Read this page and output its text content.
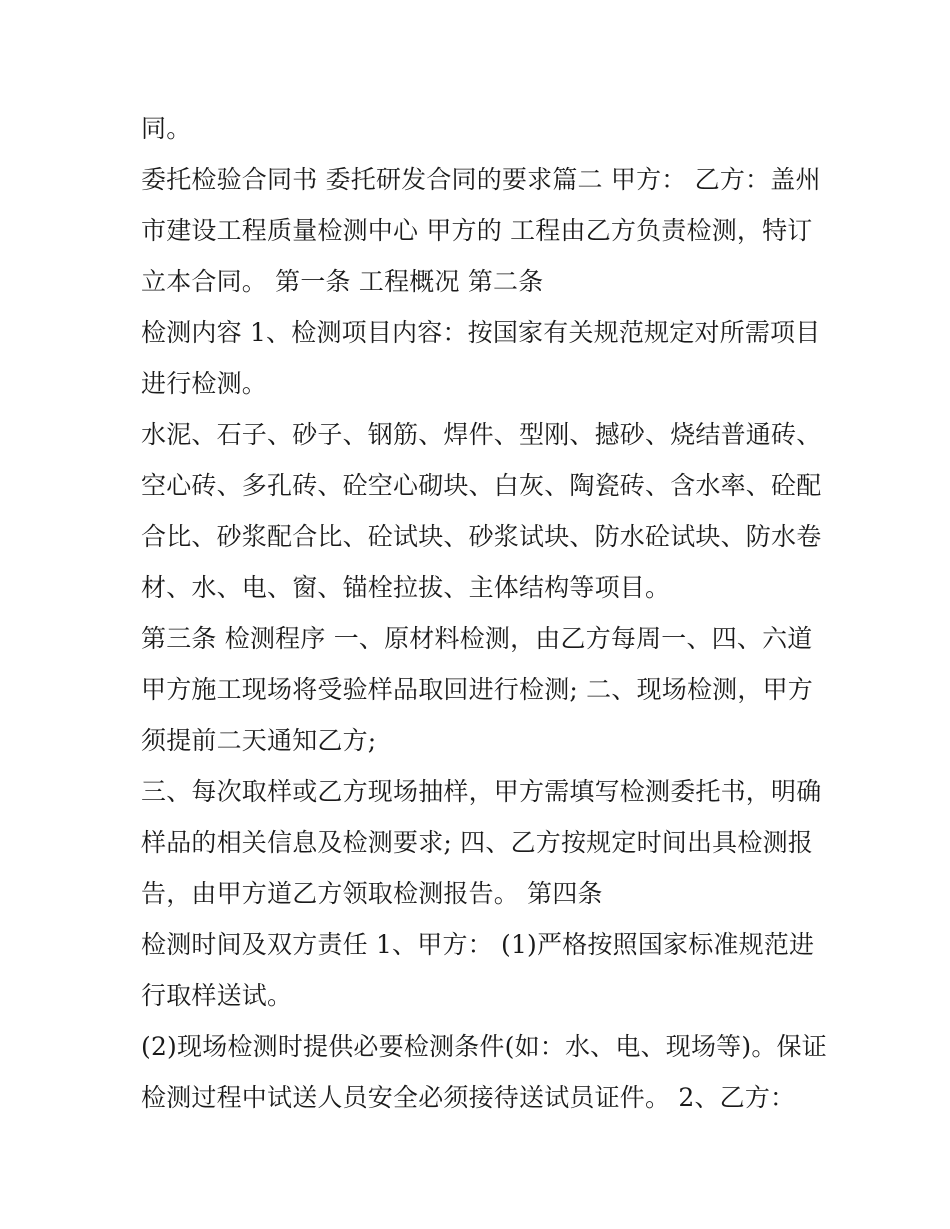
同。
委托检验合同书 委托研发合同的要求篇二 甲方： 乙方：盖州
市建设工程质量检测中心 甲方的 工程由乙方负责检测，特订
立本合同。 第一条 工程概况 第二条
检测内容 1、检测项目内容：按国家有关规范规定对所需项目
进行检测。
水泥、石子、砂子、钢筋、焊件、型刚、撼砂、烧结普通砖、
空心砖、多孔砖、砼空心砌块、白灰、陶瓷砖、含水率、砼配
合比、砂浆配合比、砼试块、砂浆试块、防水砼试块、防水卷
材、水、电、窗、锚栓拉拔、主体结构等项目。
第三条 检测程序 一、原材料检测，由乙方每周一、四、六道
甲方施工现场将受验样品取回进行检测; 二、现场检测，甲方
须提前二天通知乙方;
三、每次取样或乙方现场抽样，甲方需填写检测委托书，明确
样品的相关信息及检测要求; 四、乙方按规定时间出具检测报
告，由甲方道乙方领取检测报告。 第四条
检测时间及双方责任 1、甲方： (1)严格按照国家标准规范进
行取样送试。
(2)现场检测时提供必要检测条件(如：水、电、现场等)。保证
检测过程中试送人员安全必须接待送试员证件。 2、乙方：
